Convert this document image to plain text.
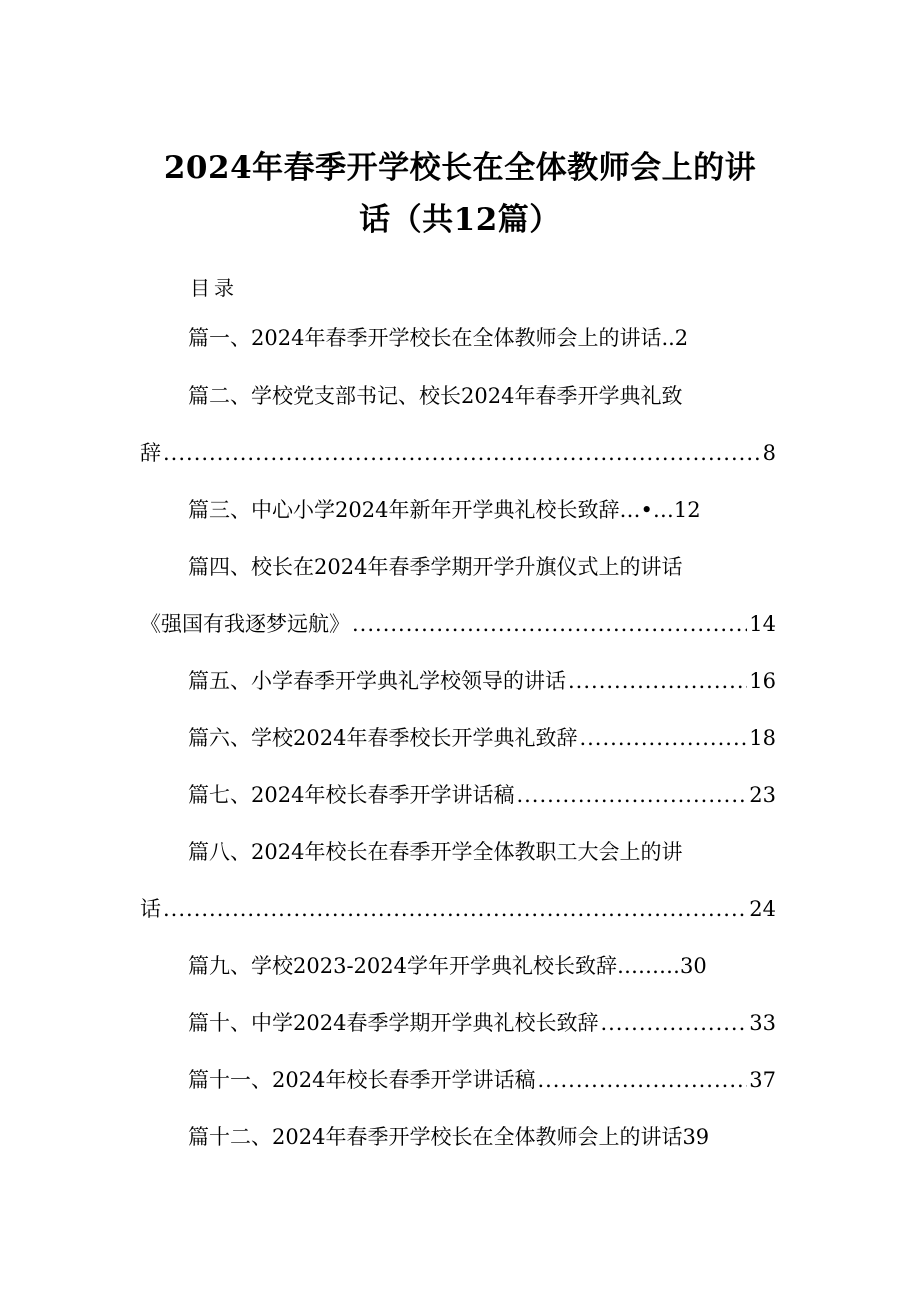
2024年春季开学校长在全体教师会上的讲
话（共12篇）
目录
篇一、2024年春季开学校长在全体教师会上的讲话..2
篇二、学校党支部书记、校长2024年春季开学典礼致
辞 .....	8
篇三、中心小学2024年新年开学典礼校长致辞…•…12
篇四、校长在2024年春季学期开学升旗仪式上的讲话
《强国有我逐梦远航》 .....	14
篇五、小学春季开学典礼学校领导的讲话 .....	16
篇六、学校2024年春季校长开学典礼致辞 .....	18
篇七、2024年校长春季开学讲话稿 .....	23
篇八、2024年校长在春季开学全体教职工大会上的讲
话 .....	24
篇九、学校2023-2024学年开学典礼校长致辞………30
篇十、中学2024春季学期开学典礼校长致辞 .....	33
篇十一、2024年校长春季开学讲话稿 .....	37
篇十二、2024年春季开学校长在全体教师会上的讲话39
